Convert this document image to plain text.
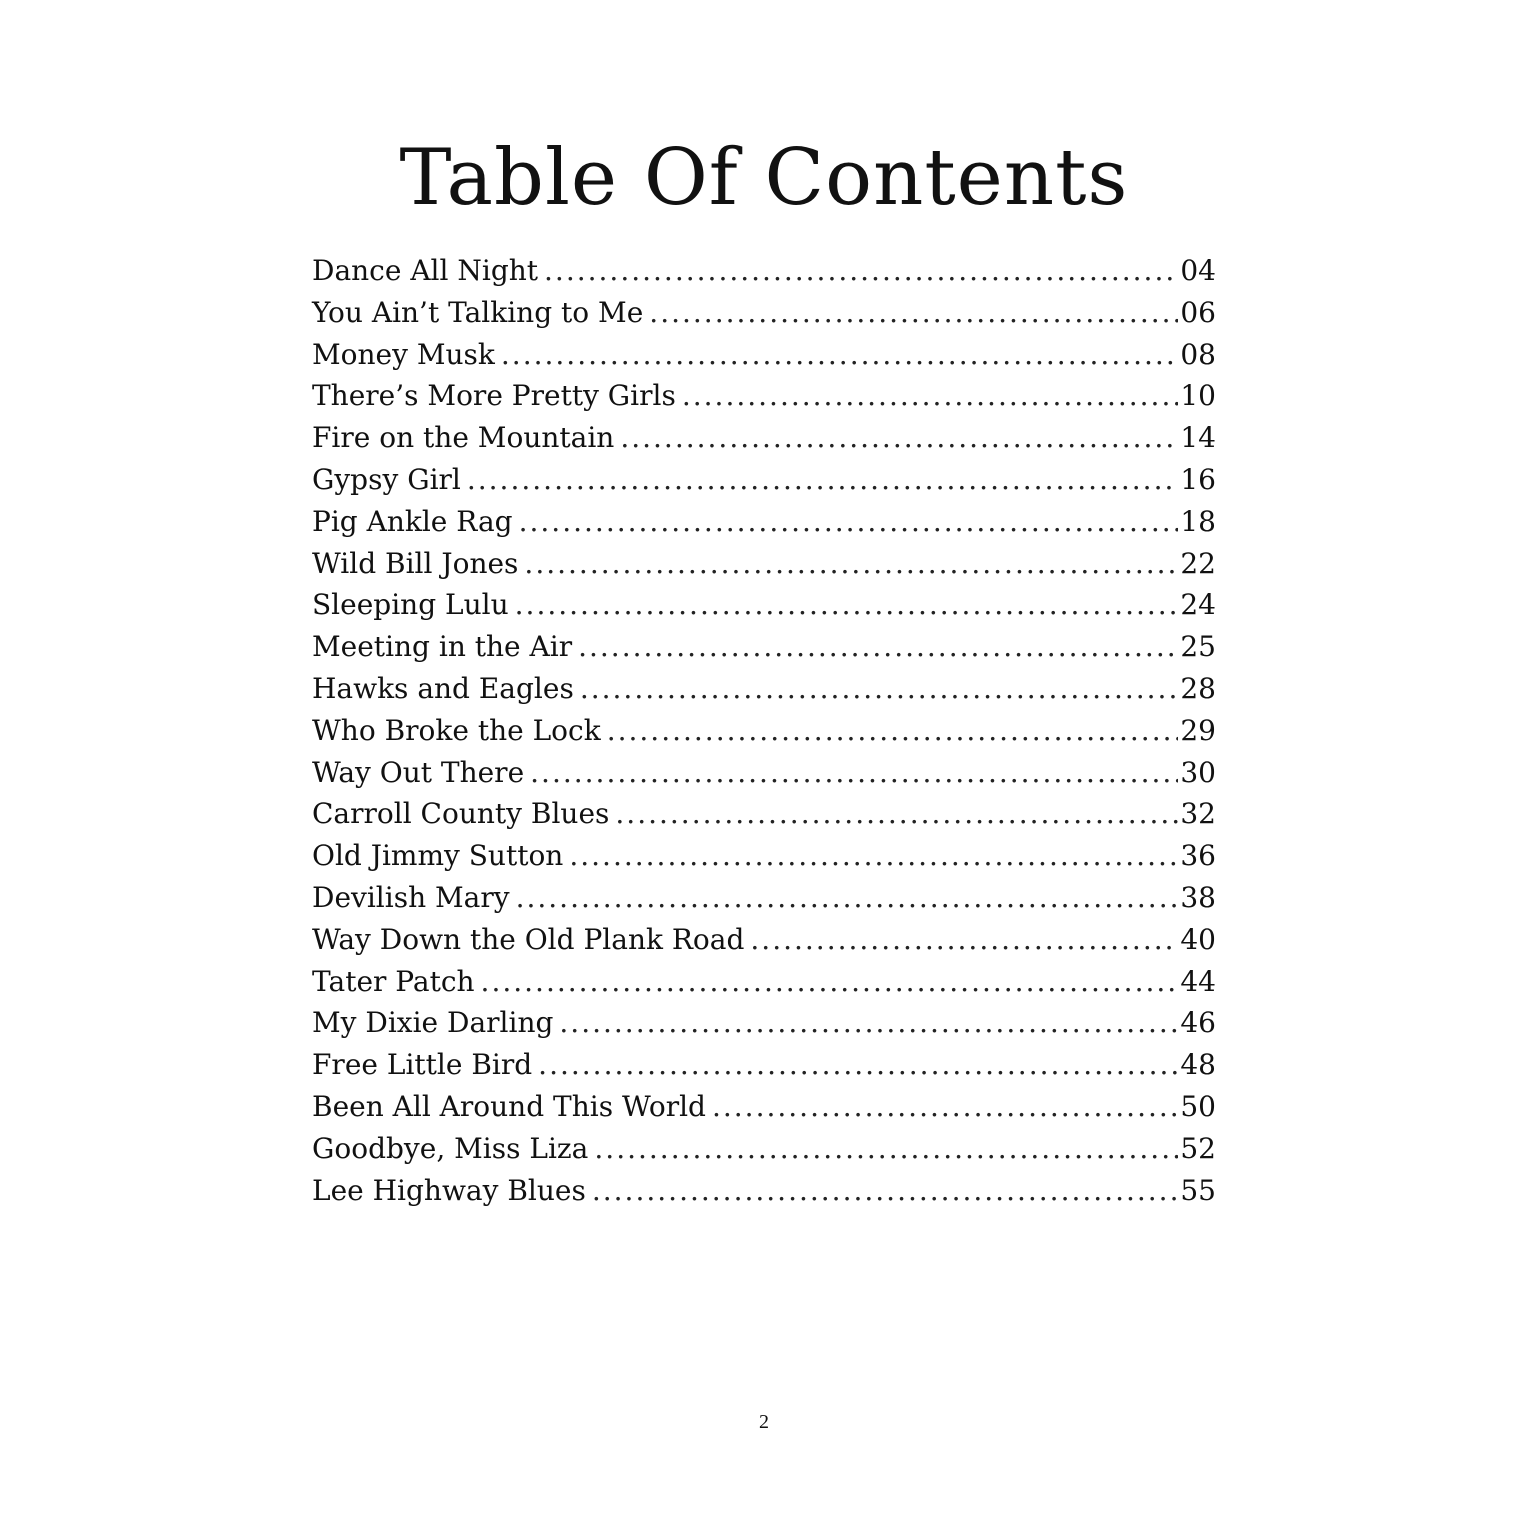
Table Of Contents
Dance All Night .....	04
You Ain’t Talking to Me .....	06
Money Musk .....	08
There’s More Pretty Girls .....	10
Fire on the Mountain .....	14
Gypsy Girl .....	16
Pig Ankle Rag .....	18
Wild Bill Jones .....	22
Sleeping Lulu .....	24
Meeting in the Air .....	25
Hawks and Eagles .....	28
Who Broke the Lock .....	29
Way Out There .....	30
Carroll County Blues .....	32
Old Jimmy Sutton .....	36
Devilish Mary .....	38
Way Down the Old Plank Road .....	40
Tater Patch .....	44
My Dixie Darling .....	46
Free Little Bird .....	48
Been All Around This World .....	50
Goodbye, Miss Liza .....	52
Lee Highway Blues .....	55
2
